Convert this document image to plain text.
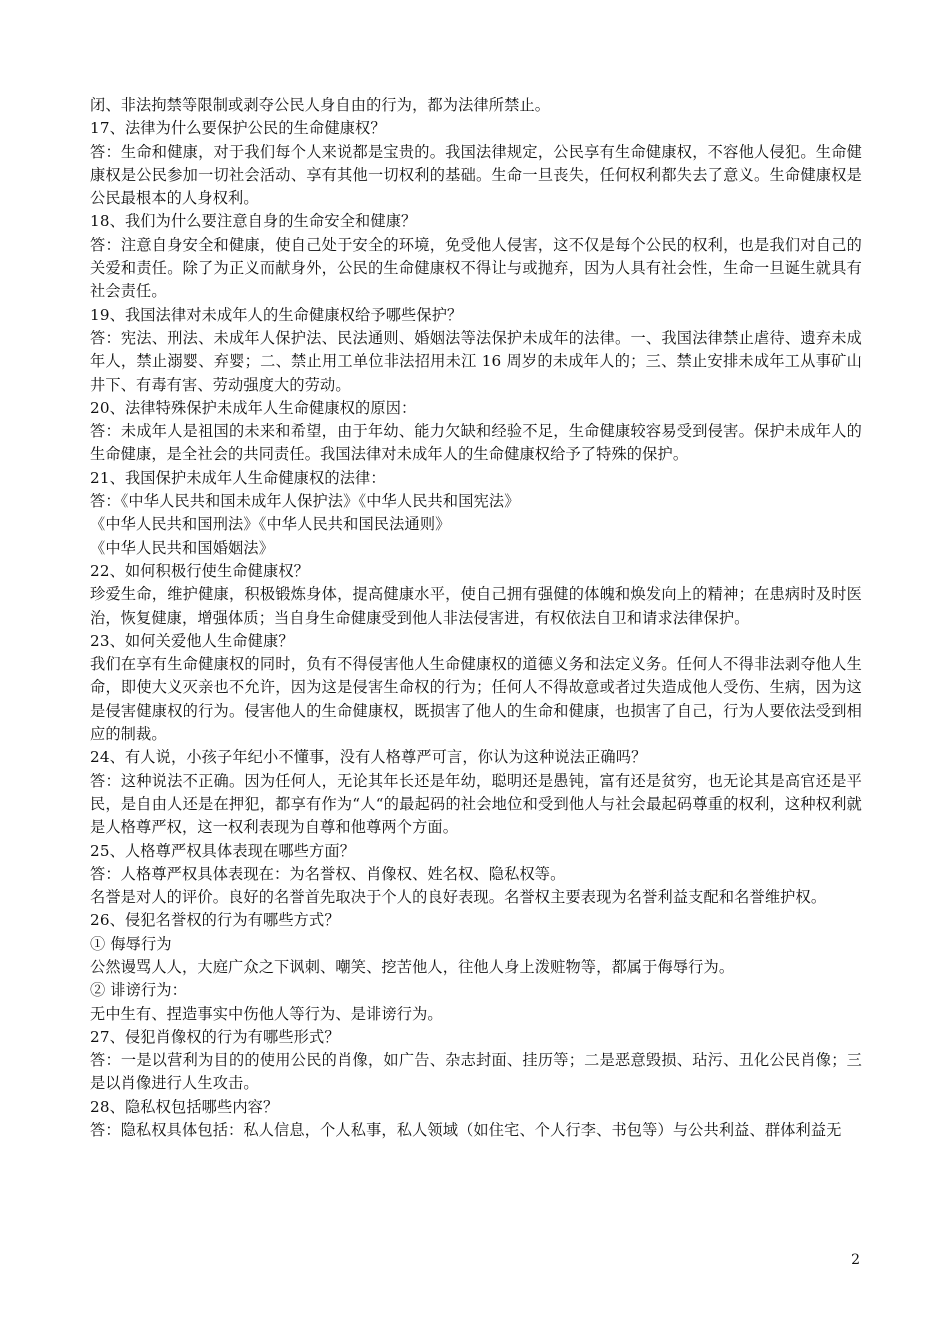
闭、非法拘禁等限制或剥夺公民人身自由的行为，都为法律所禁止。

17、法律为什么要保护公民的生命健康权？

答：生命和健康，对于我们每个人来说都是宝贵的。我国法律规定，公民享有生命健康权，不容他人侵犯。生命健康权是公民参加一切社会活动、享有其他一切权利的基础。生命一旦丧失，任何权利都失去了意义。生命健康权是公民最根本的人身权利。

18、我们为什么要注意自身的生命安全和健康？

答：注意自身安全和健康，使自己处于安全的环境，免受他人侵害，这不仅是每个公民的权利，也是我们对自己的关爱和责任。除了为正义而献身外，公民的生命健康权不得让与或抛弃，因为人具有社会性，生命一旦诞生就具有社会责任。

19、我国法律对未成年人的生命健康权给予哪些保护？

答：宪法、刑法、未成年人保护法、民法通则、婚姻法等法保护未成年的法律。一、我国法律禁止虐待、遗弃未成年人，禁止溺婴、弃婴；二、禁止用工单位非法招用未江 16 周岁的未成年人的；三、禁止安排未成年工从事矿山井下、有毒有害、劳动强度大的劳动。

20、法律特殊保护未成年人生命健康权的原因：

答：未成年人是祖国的未来和希望，由于年幼、能力欠缺和经验不足，生命健康较容易受到侵害。保护未成年人的生命健康，是全社会的共同责任。我国法律对未成年人的生命健康权给予了特殊的保护。

21、我国保护未成年人生命健康权的法律：

答：《中华人民共和国未成年人保护法》《中华人民共和国宪法》

《中华人民共和国刑法》《中华人民共和国民法通则》

《中华人民共和国婚姻法》

22、如何积极行使生命健康权？

珍爱生命，维护健康，积极锻炼身体，提高健康水平，使自己拥有强健的体魄和焕发向上的精神；在患病时及时医治，恢复健康，增强体质；当自身生命健康受到他人非法侵害进，有权依法自卫和请求法律保护。

23、如何关爱他人生命健康？

我们在享有生命健康权的同时，负有不得侵害他人生命健康权的道德义务和法定义务。任何人不得非法剥夺他人生命，即使大义灭亲也不允许，因为这是侵害生命权的行为；任何人不得故意或者过失造成他人受伤、生病，因为这是侵害健康权的行为。侵害他人的生命健康权，既损害了他人的生命和健康，也损害了自己，行为人要依法受到相应的制裁。

24、有人说，小孩子年纪小不懂事，没有人格尊严可言，你认为这种说法正确吗？

答：这种说法不正确。因为任何人，无论其年长还是年幼，聪明还是愚钝，富有还是贫穷，也无论其是高官还是平民，是自由人还是在押犯，都享有作为“人“的最起码的社会地位和受到他人与社会最起码尊重的权利，这种权利就是人格尊严权，这一权利表现为自尊和他尊两个方面。

25、人格尊严权具体表现在哪些方面？

答：人格尊严权具体表现在：为名誉权、肖像权、姓名权、隐私权等。

名誉是对人的评价。良好的名誉首先取决于个人的良好表现。名誉权主要表现为名誉利益支配和名誉维护权。

26、侵犯名誉权的行为有哪些方式？

① 侮辱行为

公然谩骂人人，大庭广众之下讽刺、嘲笑、挖苦他人，往他人身上泼赃物等，都属于侮辱行为。

② 诽谤行为：

无中生有、捏造事实中伤他人等行为、是诽谤行为。

27、侵犯肖像权的行为有哪些形式？

答：一是以营利为目的的使用公民的肖像，如广告、杂志封面、挂历等；二是恶意毁损、玷污、丑化公民肖像；三是以肖像进行人生攻击。

28、隐私权包括哪些内容？

答：隐私权具体包括：私人信息，个人私事，私人领域（如住宅、个人行李、书包等）与公共利益、群体利益无

2
